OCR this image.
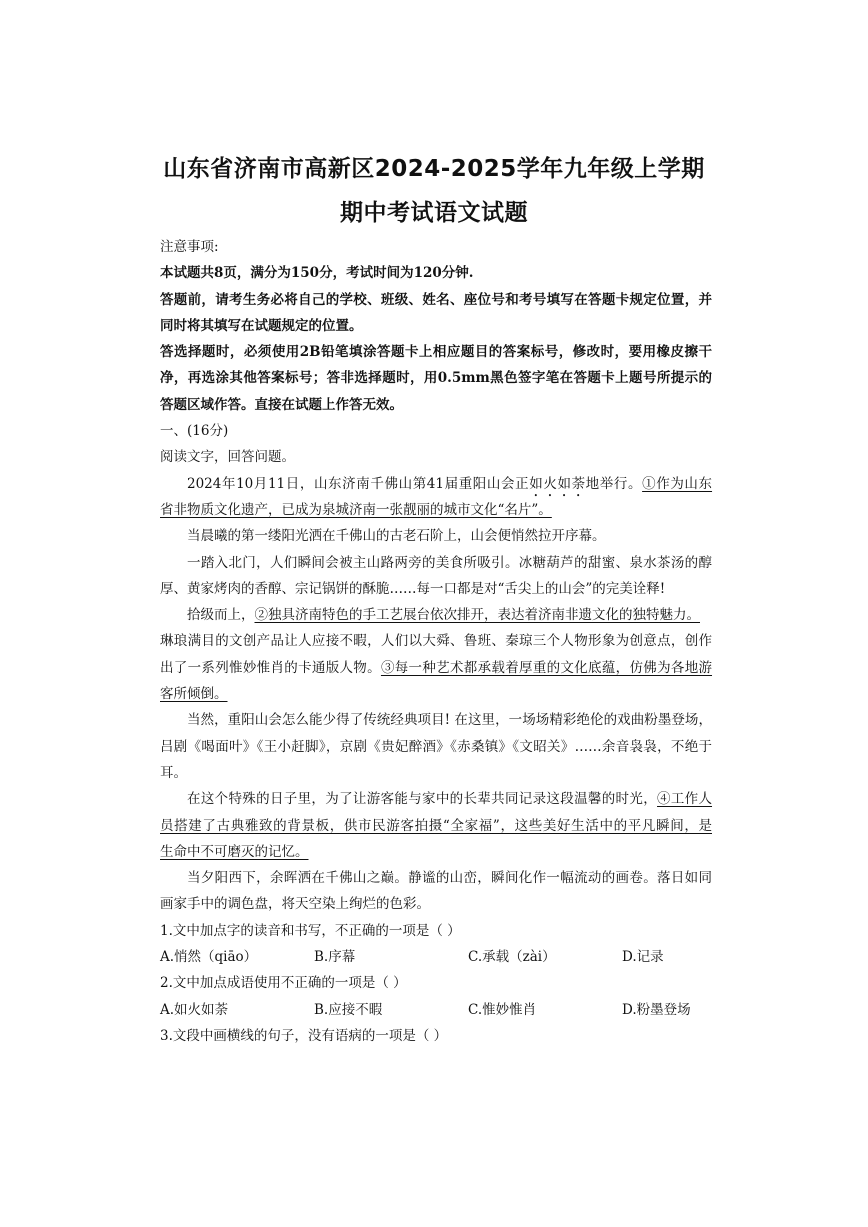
山东省济南市高新区2024-2025学年九年级上学期
期中考试语文试题
注意事项:
本试题共8页，满分为150分，考试时间为120分钟.
答题前，请考生务必将自己的学校、班级、姓名、座位号和考号填写在答题卡规定位置，并
同时将其填写在试题规定的位置。
答选择题时，必须使用2B铅笔填涂答题卡上相应题目的答案标号，修改时，要用橡皮擦干
净，再选涂其他答案标号；答非选择题时，用0.5mm黑色签字笔在答题卡上题号所提示的
答题区域作答。直接在试题上作答无效。
一、(16分)
阅读文字，回答问题。
2024年10月11日，山东济南千佛山第41届重阳山会正如火如荼地举行。①作为山东
省非物质文化遗产，已成为泉城济南一张靓丽的城市文化“名片”。
当晨曦的第一缕阳光洒在千佛山的古老石阶上，山会便悄然拉开序幕。
一踏入北门，人们瞬间会被主山路两旁的美食所吸引。冰糖葫芦的甜蜜、泉水茶汤的醇
厚、黄家烤肉的香醇、宗记锅饼的酥脆……每一口都是对“舌尖上的山会”的完美诠释!
拾级而上，②独具济南特色的手工艺展台依次排开，表达着济南非遗文化的独特魅力。
琳琅满目的文创产品让人应接不暇，人们以大舜、鲁班、秦琼三个人物形象为创意点，创作
出了一系列惟妙惟肖的卡通版人物。③每一种艺术都承载着厚重的文化底蕴，仿佛为各地游
客所倾倒。
当然，重阳山会怎么能少得了传统经典项目! 在这里，一场场精彩绝伦的戏曲粉墨登场，
吕剧《喝面叶》《王小赶脚》，京剧《贵妃醉酒》《赤桑镇》《文昭关》……余音袅袅，不绝于
耳。
在这个特殊的日子里，为了让游客能与家中的长辈共同记录这段温馨的时光，④工作人
员搭建了古典雅致的背景板，供市民游客拍摄“全家福”，这些美好生活中的平凡瞬间，是
生命中不可磨灭的记忆。
当夕阳西下，余晖洒在千佛山之巅。静谧的山峦，瞬间化作一幅流动的画卷。落日如同
画家手中的调色盘，将天空染上绚烂的色彩。
1.文中加点字的读音和书写，不正确的一项是（ ）
A.悄然（qiāo）	B.序幕	C.承载（zài）	D.记录
2.文中加点成语使用不正确的一项是（ ）
A.如火如荼	B.应接不暇	C.惟妙惟肖	D.粉墨登场
3.文段中画横线的句子，没有语病的一项是（ ）
